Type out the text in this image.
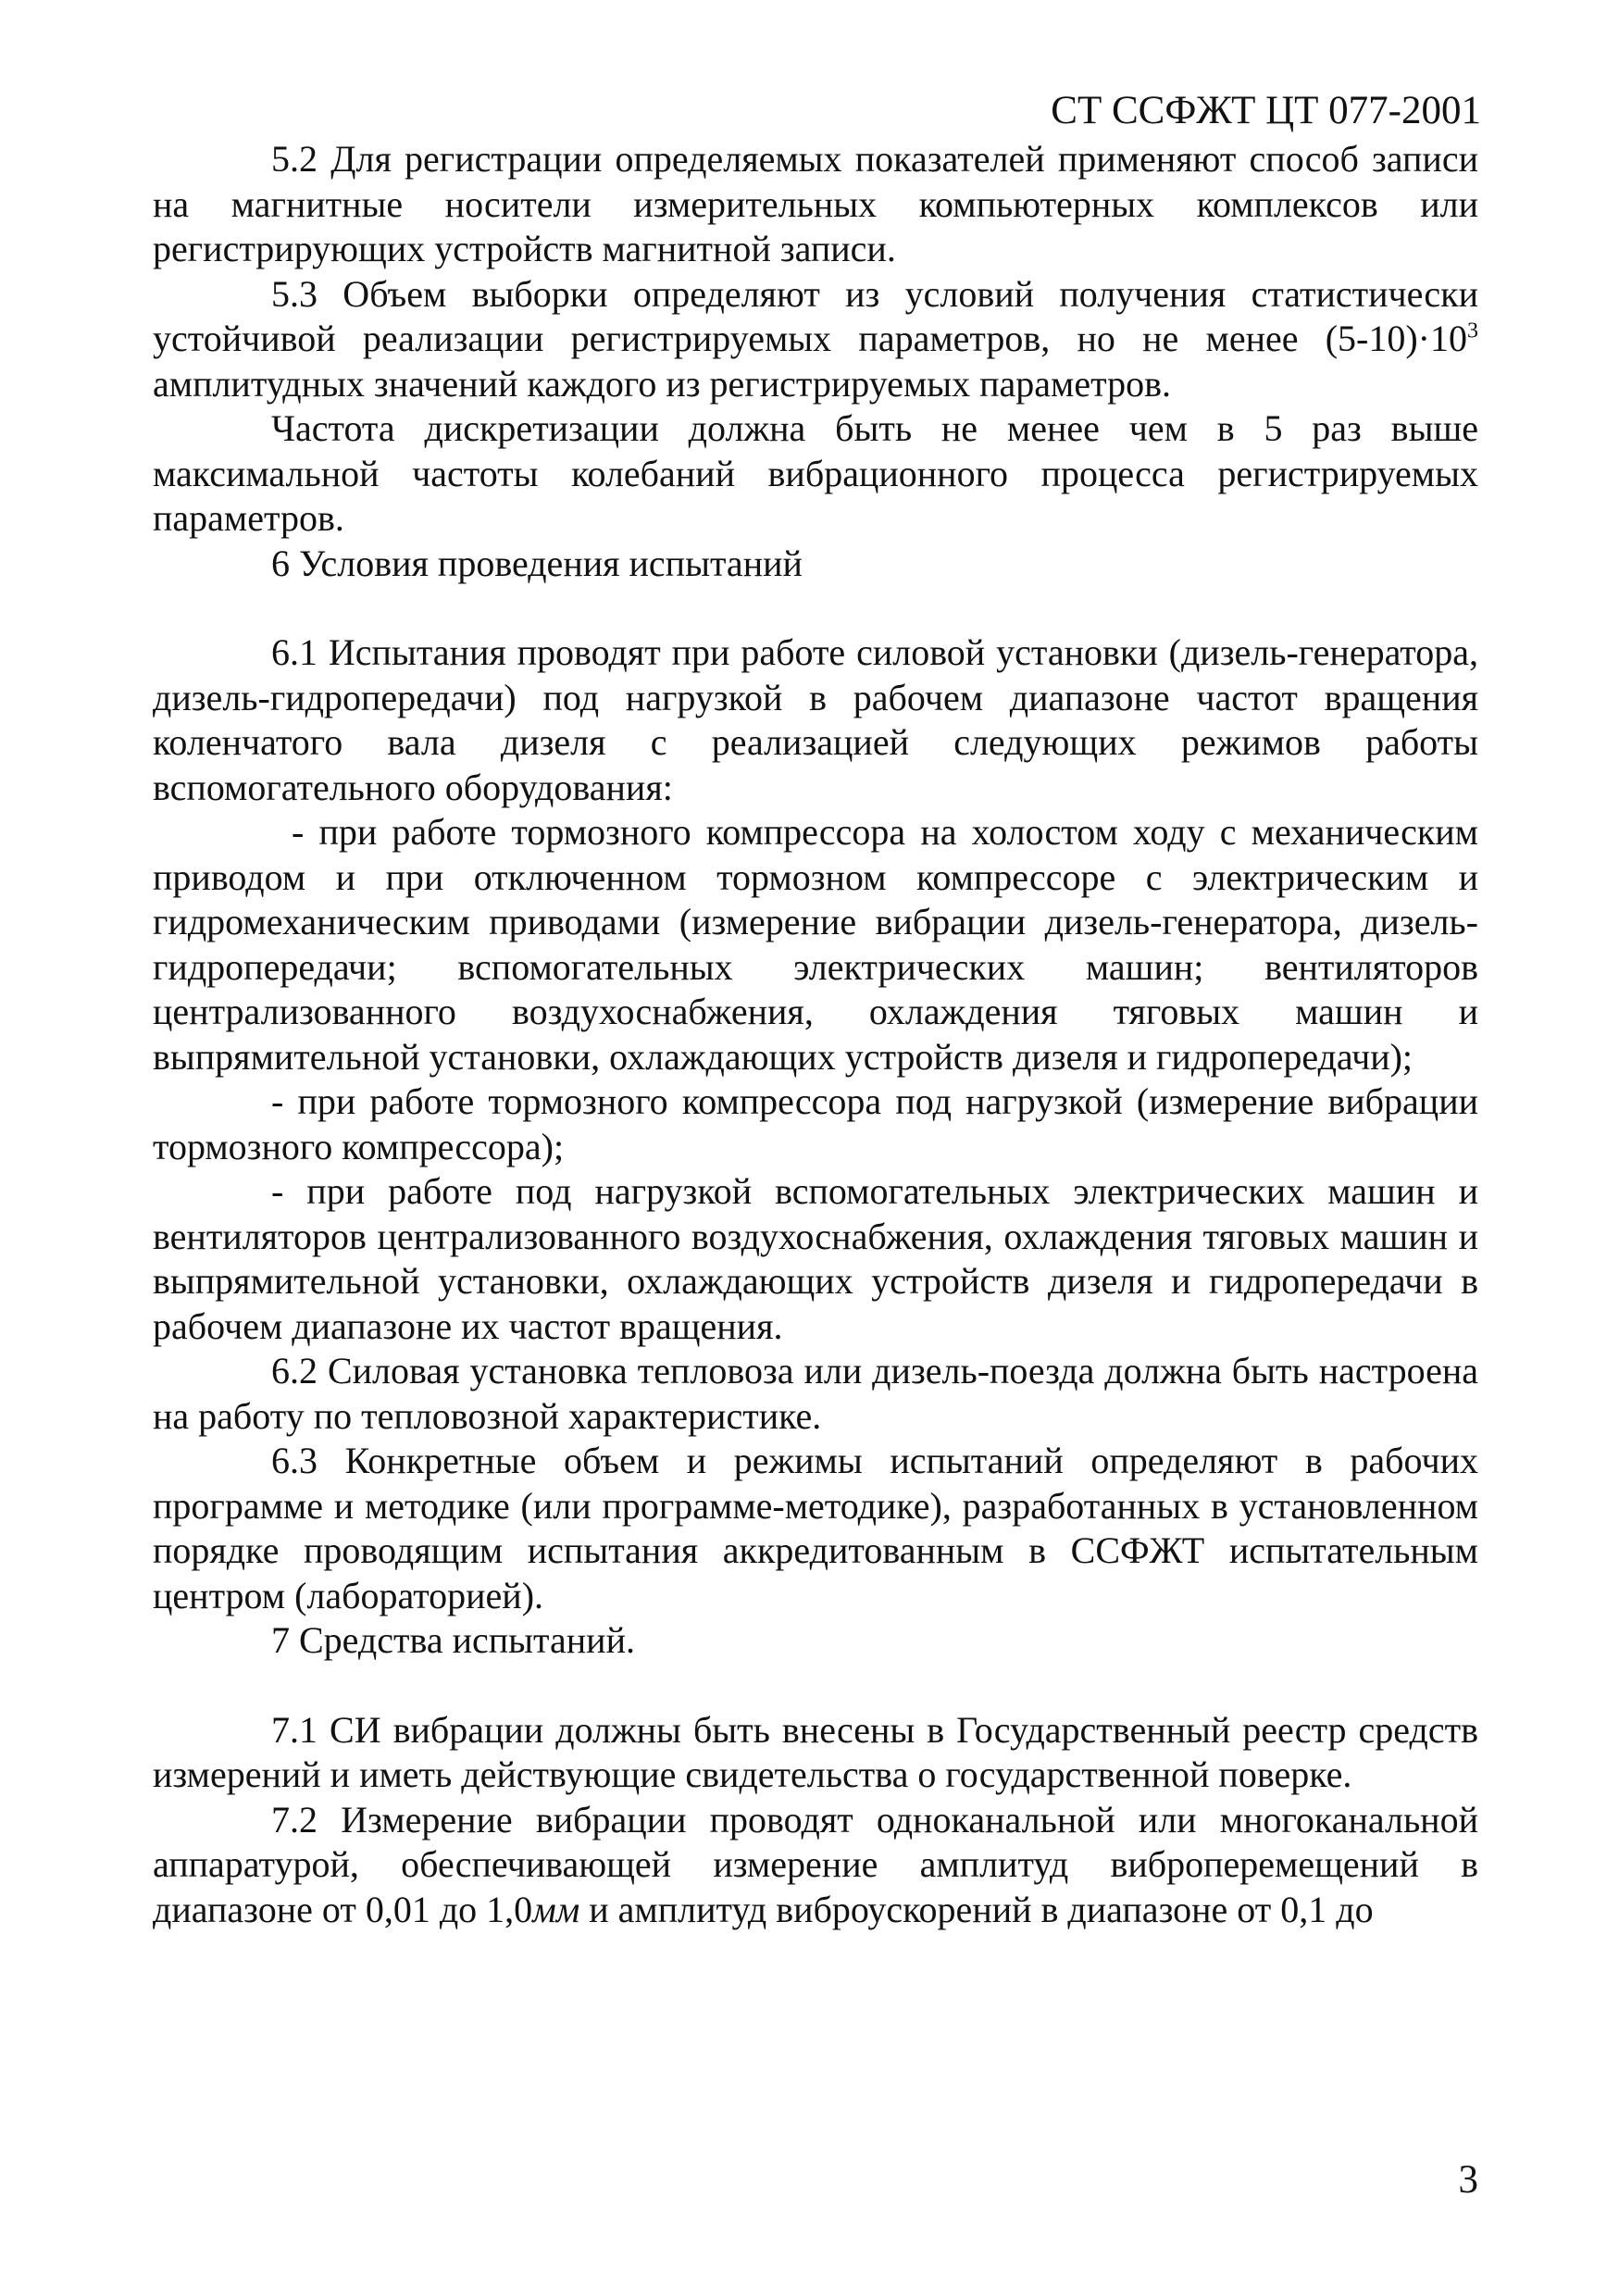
СТ ССФЖТ ЦТ 077-2001

5.2 Для регистрации определяемых показателей применяют способ записи на магнитные носители измерительных компьютерных комплексов или регистрирующих устройств магнитной записи.

5.3 Объем выборки определяют из условий получения статистически устойчивой реализации регистрируемых параметров, но не менее $(5-10)\cdot 10^3$ амплитудных значений каждого из регистрируемых параметров.

Частота дискретизации должна быть не менее чем в 5 раз выше максимальной частоты колебаний вибрационного процесса регистрируемых параметров.

6 Условия проведения испытаний

6.1 Испытания проводят при работе силовой установки (дизель-генератора, дизель-гидропередачи) под нагрузкой в рабочем диапазоне частот вращения коленчатого вала дизеля с реализацией следующих режимов работы вспомогательного оборудования:

- при работе тормозного компрессора на холостом ходу с механическим приводом и при отключенном тормозном компрессоре с электрическим и гидромеханическим приводами (измерение вибрации дизель-генератора, дизель-гидропередачи; вспомогательных электрических машин; вентиляторов централизованного воздухоснабжения, охлаждения тяговых машин и выпрямительной установки, охлаждающих устройств дизеля и гидропередачи);

- при работе тормозного компрессора под нагрузкой (измерение вибрации тормозного компрессора);

- при работе под нагрузкой вспомогательных электрических машин и вентиляторов централизованного воздухоснабжения, охлаждения тяговых машин и выпрямительной установки, охлаждающих устройств дизеля и гидропередачи в рабочем диапазоне их частот вращения.

6.2 Силовая установка тепловоза или дизель-поезда должна быть настроена на работу по тепловозной характеристике.

6.3 Конкретные объем и режимы испытаний определяют в рабочих программе и методике (или программе-методике), разработанных в установленном порядке проводящим испытания аккредитованным в ССФЖТ испытательным центром (лабораторией).

7 Средства испытаний.

7.1 СИ вибрации должны быть внесены в Государственный реестр средств измерений и иметь действующие свидетельства о государственной поверке.

7.2 Измерение вибрации проводят одноканальной или многоканальной аппаратурой, обеспечивающей измерение амплитуд виброперемещений в диапазоне от 0,01 до 1,0мм и амплитуд виброускорений в диапазоне от 0,1 до

3
